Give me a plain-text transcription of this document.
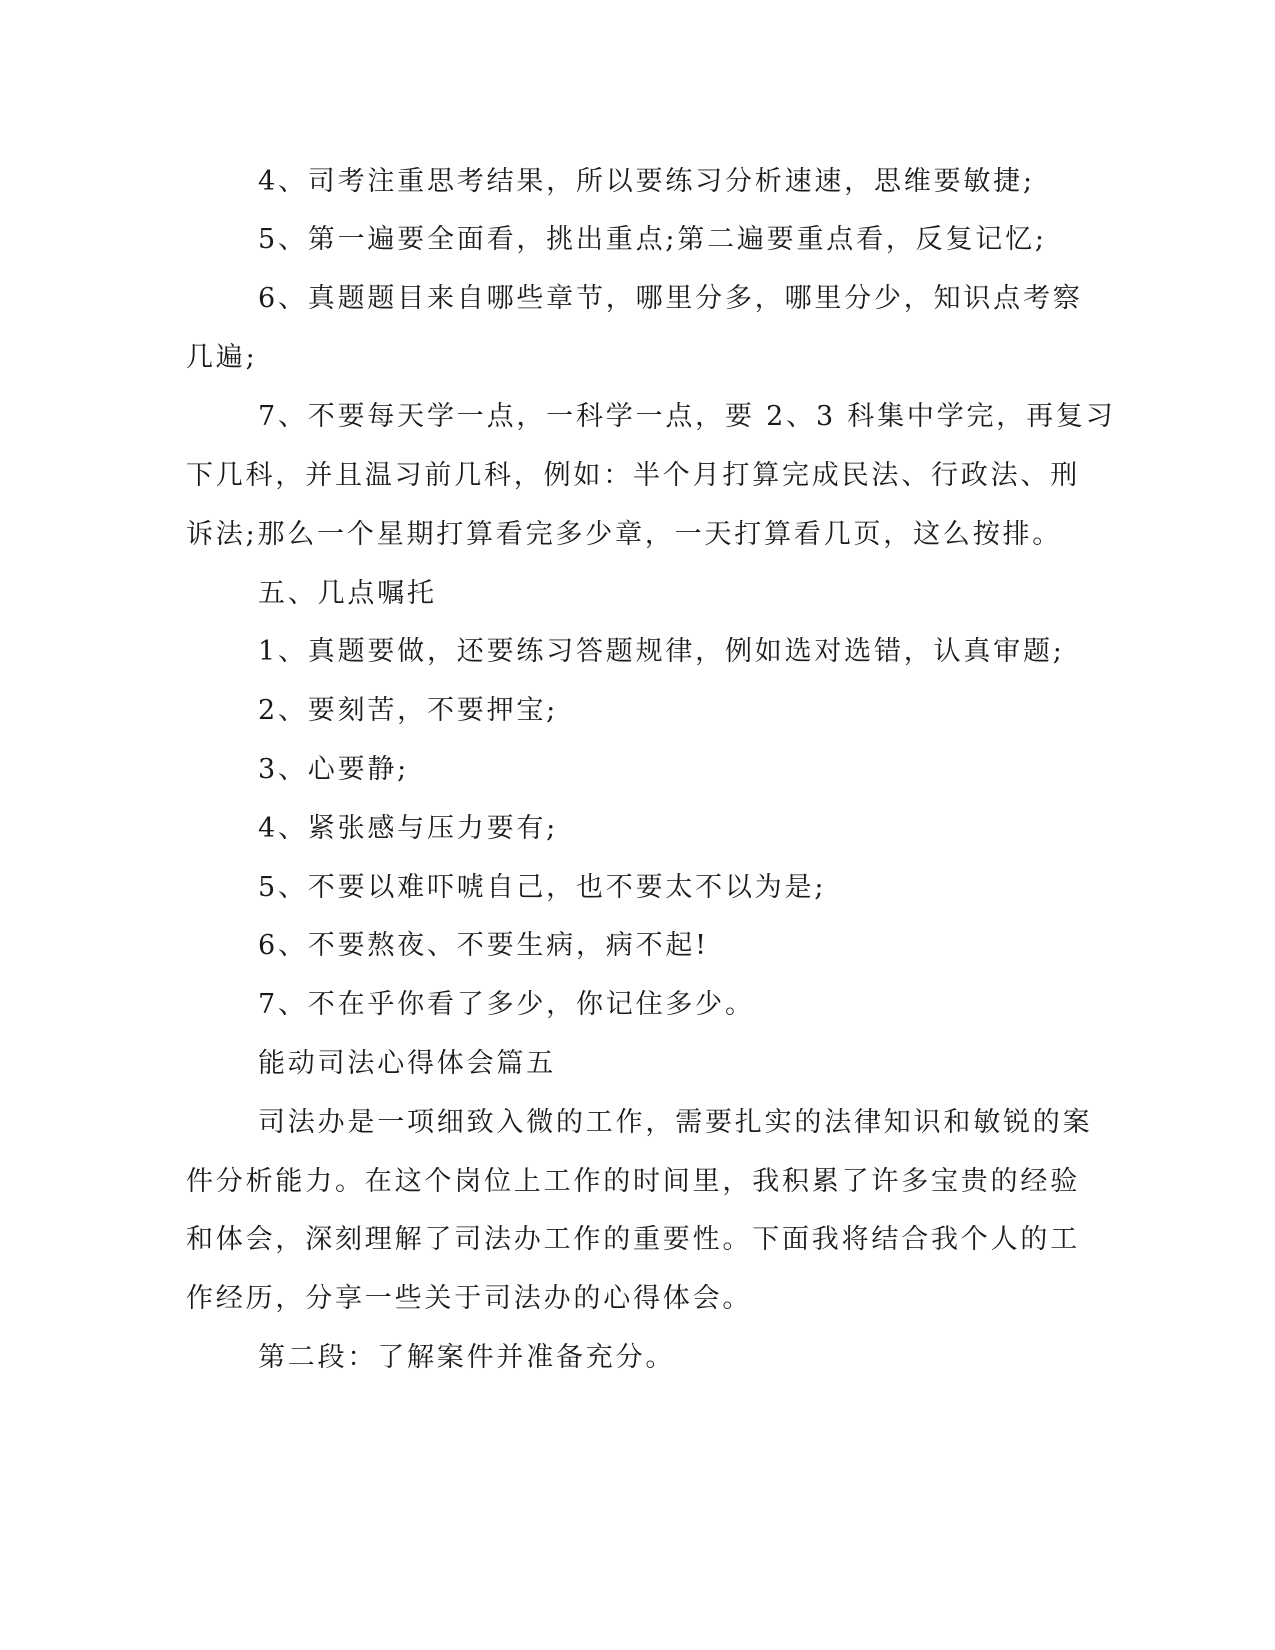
4、司考注重思考结果，所以要练习分析速速，思维要敏捷;
5、第一遍要全面看，挑出重点;第二遍要重点看，反复记忆;
6、真题题目来自哪些章节，哪里分多，哪里分少，知识点考察
几遍;
7、不要每天学一点，一科学一点，要 2、3 科集中学完，再复习
下几科，并且温习前几科，例如：半个月打算完成民法、行政法、刑
诉法;那么一个星期打算看完多少章，一天打算看几页，这么按排。
五、几点嘱托
1、真题要做，还要练习答题规律，例如选对选错，认真审题;
2、要刻苦，不要押宝;
3、心要静;
4、紧张感与压力要有;
5、不要以难吓唬自己，也不要太不以为是;
6、不要熬夜、不要生病，病不起!
7、不在乎你看了多少，你记住多少。
能动司法心得体会篇五
司法办是一项细致入微的工作，需要扎实的法律知识和敏锐的案
件分析能力。在这个岗位上工作的时间里，我积累了许多宝贵的经验
和体会，深刻理解了司法办工作的重要性。下面我将结合我个人的工
作经历，分享一些关于司法办的心得体会。
第二段：了解案件并准备充分。
